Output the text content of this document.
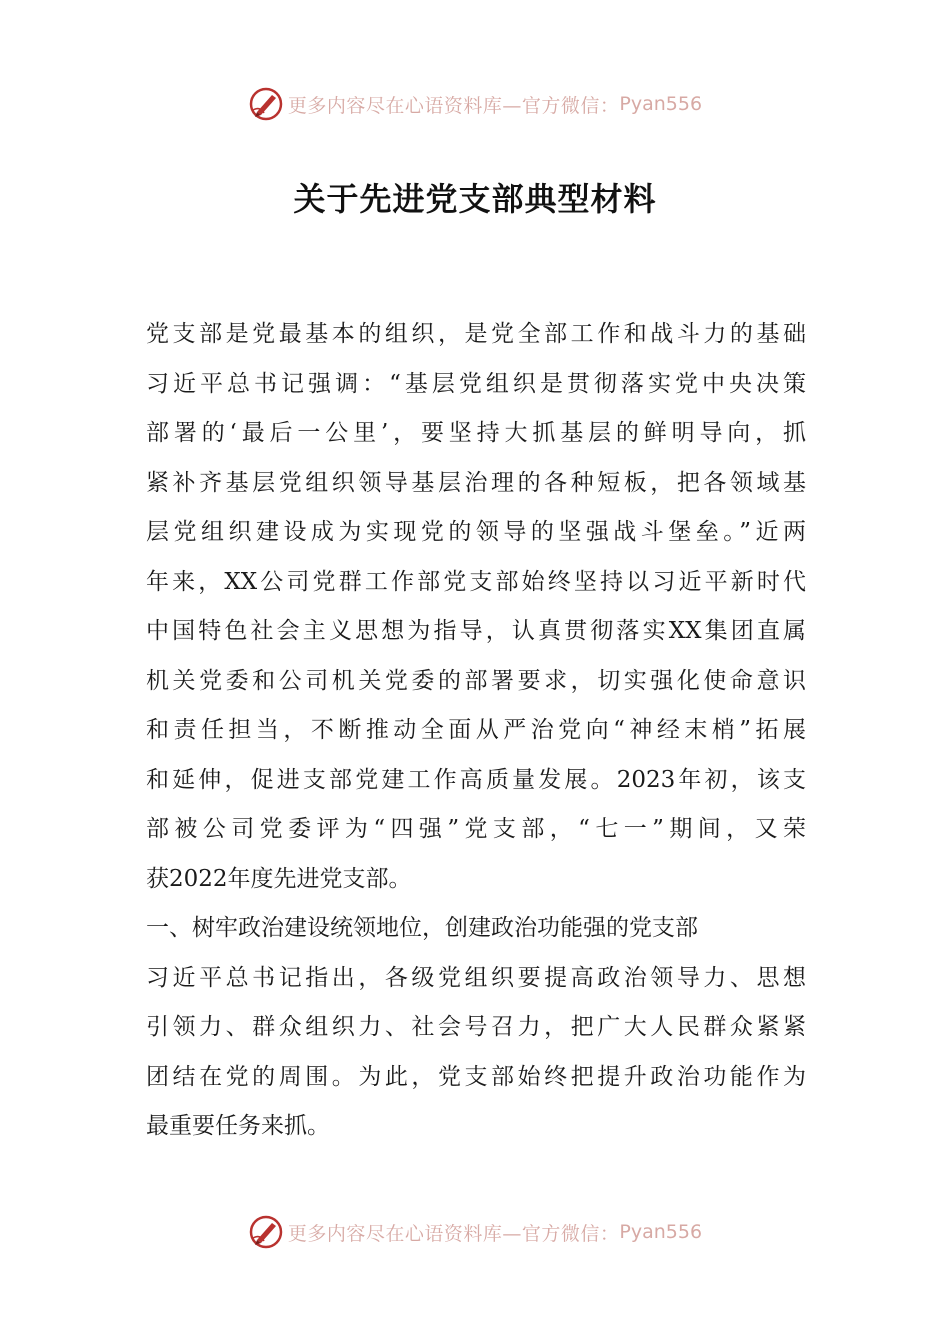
更多内容尽在心语资料库—官方微信： Pyan556
关于先进党支部典型材料
党支部是党最基本的组织，是党全部工作和战斗力的基础
习近平总书记强调：“基层党组织是贯彻落实党中央决策
部署的‘最后一公里’，要坚持大抓基层的鲜明导向，抓
紧补齐基层党组织领导基层治理的各种短板，把各领域基
层党组织建设成为实现党的领导的坚强战斗堡垒。”近两
年来，XX公司党群工作部党支部始终坚持以习近平新时代
中国特色社会主义思想为指导，认真贯彻落实XX集团直属
机关党委和公司机关党委的部署要求，切实强化使命意识
和责任担当，不断推动全面从严治党向“神经末梢”拓展
和延伸，促进支部党建工作高质量发展。2023年初，该支
部被公司党委评为“四强”党支部，“七一”期间，又荣
获2022年度先进党支部。
一、树牢政治建设统领地位，创建政治功能强的党支部
习近平总书记指出，各级党组织要提高政治领导力、思想
引领力、群众组织力、社会号召力，把广大人民群众紧紧
团结在党的周围。为此，党支部始终把提升政治功能作为
最重要任务来抓。
更多内容尽在心语资料库—官方微信： Pyan556
